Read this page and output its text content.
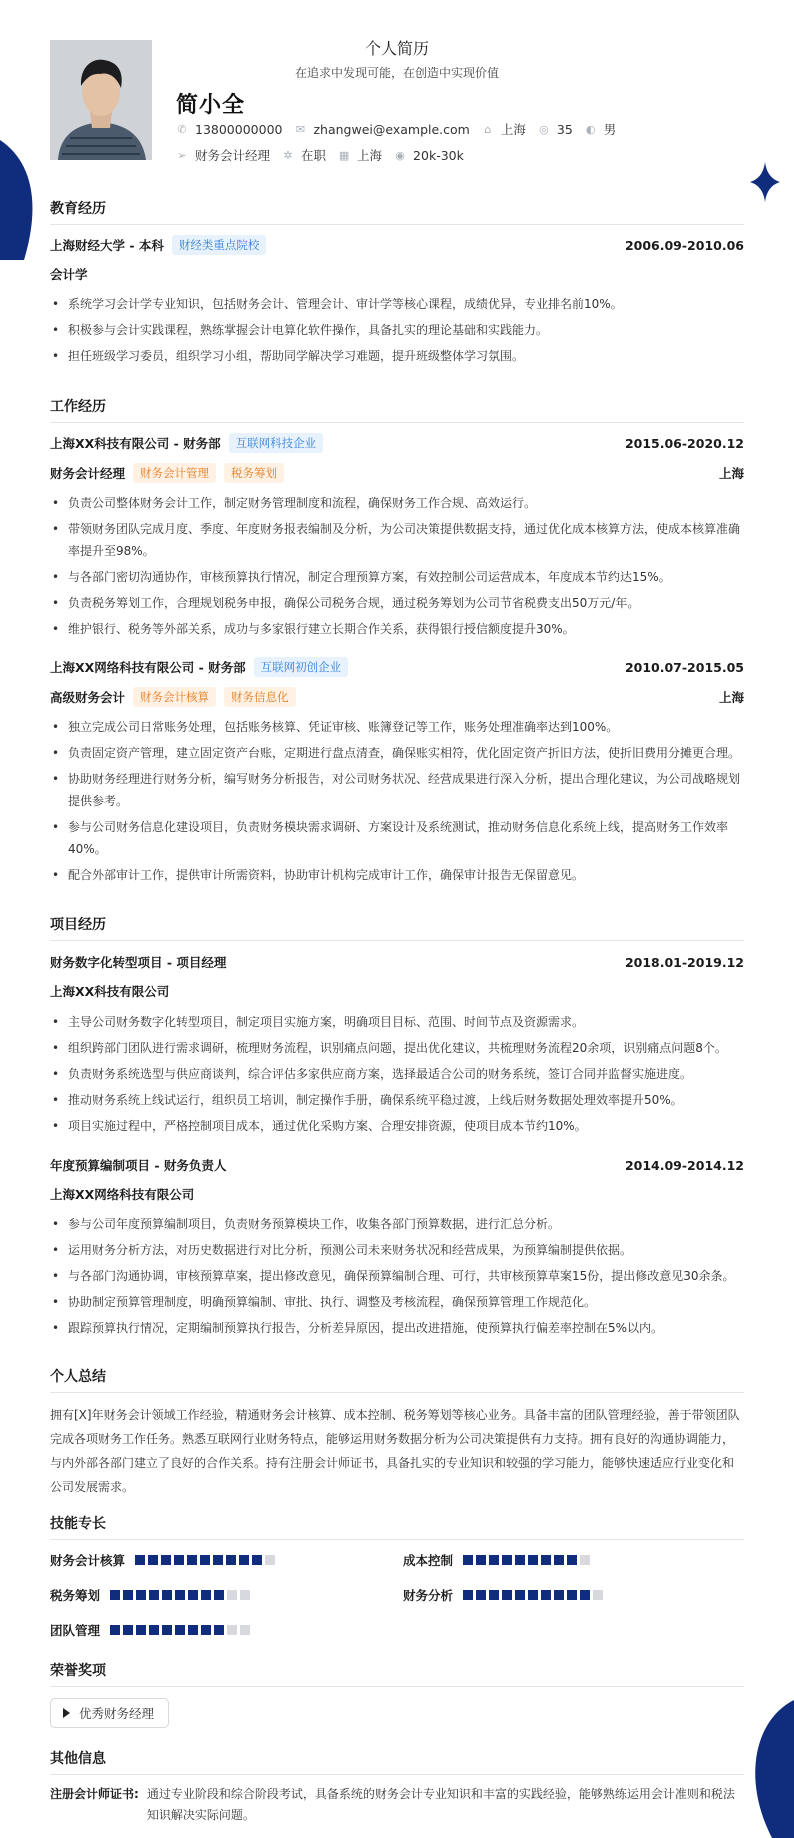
个人简历
在追求中发现可能，在创造中实现价值
简小全
✆ 13800000000 ✉ zhangwei@example.com ⌂ 上海 ◎ 35 ◐ 男
➢ 财务会计经理 ✲ 在职 ▦ 上海 ◉ 20k-30k
教育经历
上海财经大学 - 本科	财经类重点院校	2006.09-2010.06
会计学
• 系统学习会计学专业知识，包括财务会计、管理会计、审计学等核心课程，成绩优异，专业排名前10%。
• 积极参与会计实践课程，熟练掌握会计电算化软件操作，具备扎实的理论基础和实践能力。
• 担任班级学习委员，组织学习小组，帮助同学解决学习难题，提升班级整体学习氛围。
工作经历
上海XX科技有限公司 - 财务部	互联网科技企业	2015.06-2020.12
财务会计经理	财务会计管理	税务筹划	上海
• 负责公司整体财务会计工作，制定财务管理制度和流程，确保财务工作合规、高效运行。
• 带领财务团队完成月度、季度、年度财务报表编制及分析，为公司决策提供数据支持，通过优化成本核算方法，使成本核算准确率提升至98%。
• 与各部门密切沟通协作，审核预算执行情况，制定合理预算方案，有效控制公司运营成本，年度成本节约达15%。
• 负责税务筹划工作，合理规划税务申报，确保公司税务合规，通过税务筹划为公司节省税费支出50万元/年。
• 维护银行、税务等外部关系，成功与多家银行建立长期合作关系，获得银行授信额度提升30%。
上海XX网络科技有限公司 - 财务部	互联网初创企业	2010.07-2015.05
高级财务会计	财务会计核算	财务信息化	上海
• 独立完成公司日常账务处理，包括账务核算、凭证审核、账簿登记等工作，账务处理准确率达到100%。
• 负责固定资产管理，建立固定资产台账，定期进行盘点清查，确保账实相符，优化固定资产折旧方法，使折旧费用分摊更合理。
• 协助财务经理进行财务分析，编写财务分析报告，对公司财务状况、经营成果进行深入分析，提出合理化建议，为公司战略规划提供参考。
• 参与公司财务信息化建设项目，负责财务模块需求调研、方案设计及系统测试，推动财务信息化系统上线，提高财务工作效率40%。
• 配合外部审计工作，提供审计所需资料，协助审计机构完成审计工作，确保审计报告无保留意见。
项目经历
财务数字化转型项目 - 项目经理	2018.01-2019.12
上海XX科技有限公司
• 主导公司财务数字化转型项目，制定项目实施方案，明确项目目标、范围、时间节点及资源需求。
• 组织跨部门团队进行需求调研，梳理财务流程，识别痛点问题，提出优化建议，共梳理财务流程20余项，识别痛点问题8个。
• 负责财务系统选型与供应商谈判，综合评估多家供应商方案，选择最适合公司的财务系统，签订合同并监督实施进度。
• 推动财务系统上线试运行，组织员工培训，制定操作手册，确保系统平稳过渡，上线后财务数据处理效率提升50%。
• 项目实施过程中，严格控制项目成本，通过优化采购方案、合理安排资源，使项目成本节约10%。
年度预算编制项目 - 财务负责人	2014.09-2014.12
上海XX网络科技有限公司
• 参与公司年度预算编制项目，负责财务预算模块工作，收集各部门预算数据，进行汇总分析。
• 运用财务分析方法，对历史数据进行对比分析，预测公司未来财务状况和经营成果，为预算编制提供依据。
• 与各部门沟通协调，审核预算草案，提出修改意见，确保预算编制合理、可行，共审核预算草案15份，提出修改意见30余条。
• 协助制定预算管理制度，明确预算编制、审批、执行、调整及考核流程，确保预算管理工作规范化。
• 跟踪预算执行情况，定期编制预算执行报告，分析差异原因，提出改进措施，使预算执行偏差率控制在5%以内。
个人总结
拥有[X]年财务会计领域工作经验，精通财务会计核算、成本控制、税务筹划等核心业务。具备丰富的团队管理经验，善于带领团队完成各项财务工作任务。熟悉互联网行业财务特点，能够运用财务数据分析为公司决策提供有力支持。拥有良好的沟通协调能力，与内外部各部门建立了良好的合作关系。持有注册会计师证书，具备扎实的专业知识和较强的学习能力，能够快速适应行业变化和公司发展需求。
技能专长
财务会计核算	成本控制
税务筹划	财务分析
团队管理
荣誉奖项
优秀财务经理
其他信息
注册会计师证书: 通过专业阶段和综合阶段考试，具备系统的财务会计专业知识和丰富的实践经验，能够熟练运用会计准则和税法知识解决实际问题。
